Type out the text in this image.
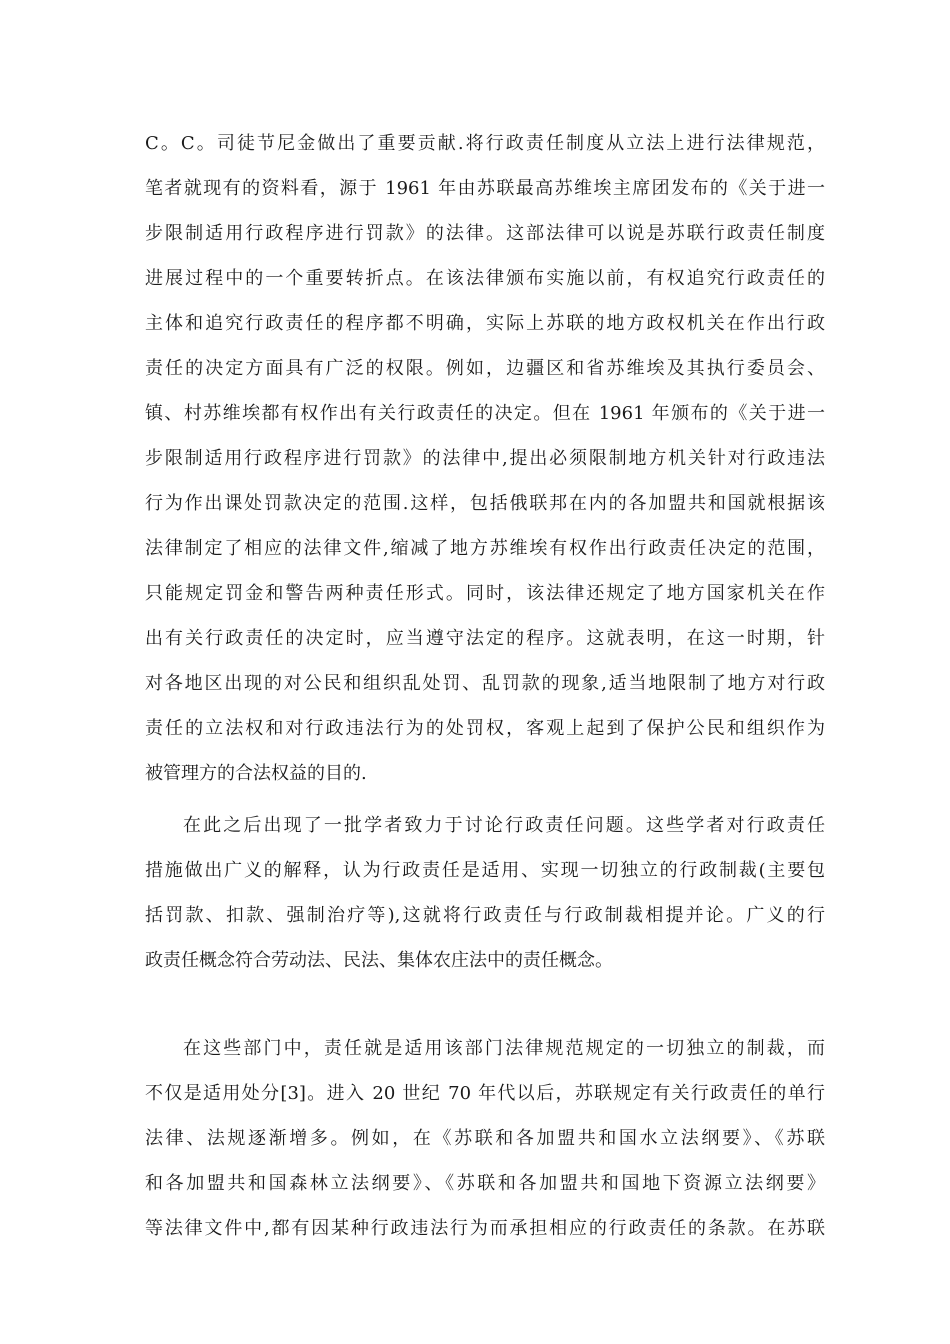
С。С。司徒节尼金做出了重要贡献.将行政责任制度从立法上进行法律规范，
笔者就现有的资料看，源于 1961 年由苏联最高苏维埃主席团发布的《关于进一
步限制适用行政程序进行罚款》的法律。这部法律可以说是苏联行政责任制度
进展过程中的一个重要转折点。在该法律颁布实施以前，有权追究行政责任的
主体和追究行政责任的程序都不明确，实际上苏联的地方政权机关在作出行政
责任的决定方面具有广泛的权限。例如，边疆区和省苏维埃及其执行委员会、
镇、村苏维埃都有权作出有关行政责任的决定。但在 1961 年颁布的《关于进一
步限制适用行政程序进行罚款》的法律中,提出必须限制地方机关针对行政违法
行为作出课处罚款决定的范围.这样，包括俄联邦在内的各加盟共和国就根据该
法律制定了相应的法律文件,缩减了地方苏维埃有权作出行政责任决定的范围，
只能规定罚金和警告两种责任形式。同时，该法律还规定了地方国家机关在作
出有关行政责任的决定时，应当遵守法定的程序。这就表明，在这一时期，针
对各地区出现的对公民和组织乱处罚、乱罚款的现象,适当地限制了地方对行政
责任的立法权和对行政违法行为的处罚权，客观上起到了保护公民和组织作为
被管理方的合法权益的目的.
在此之后出现了一批学者致力于讨论行政责任问题。这些学者对行政责任
措施做出广义的解释，认为行政责任是适用、实现一切独立的行政制裁(主要包
括罚款、扣款、强制治疗等),这就将行政责任与行政制裁相提并论。广义的行
政责任概念符合劳动法、民法、集体农庄法中的责任概念。
在这些部门中，责任就是适用该部门法律规范规定的一切独立的制裁，而
不仅是适用处分[3]。进入 20 世纪 70 年代以后，苏联规定有关行政责任的单行
法律、法规逐渐增多。例如，在《苏联和各加盟共和国水立法纲要》、《苏联
和各加盟共和国森林立法纲要》、《苏联和各加盟共和国地下资源立法纲要》
等法律文件中,都有因某种行政违法行为而承担相应的行政责任的条款。在苏联
